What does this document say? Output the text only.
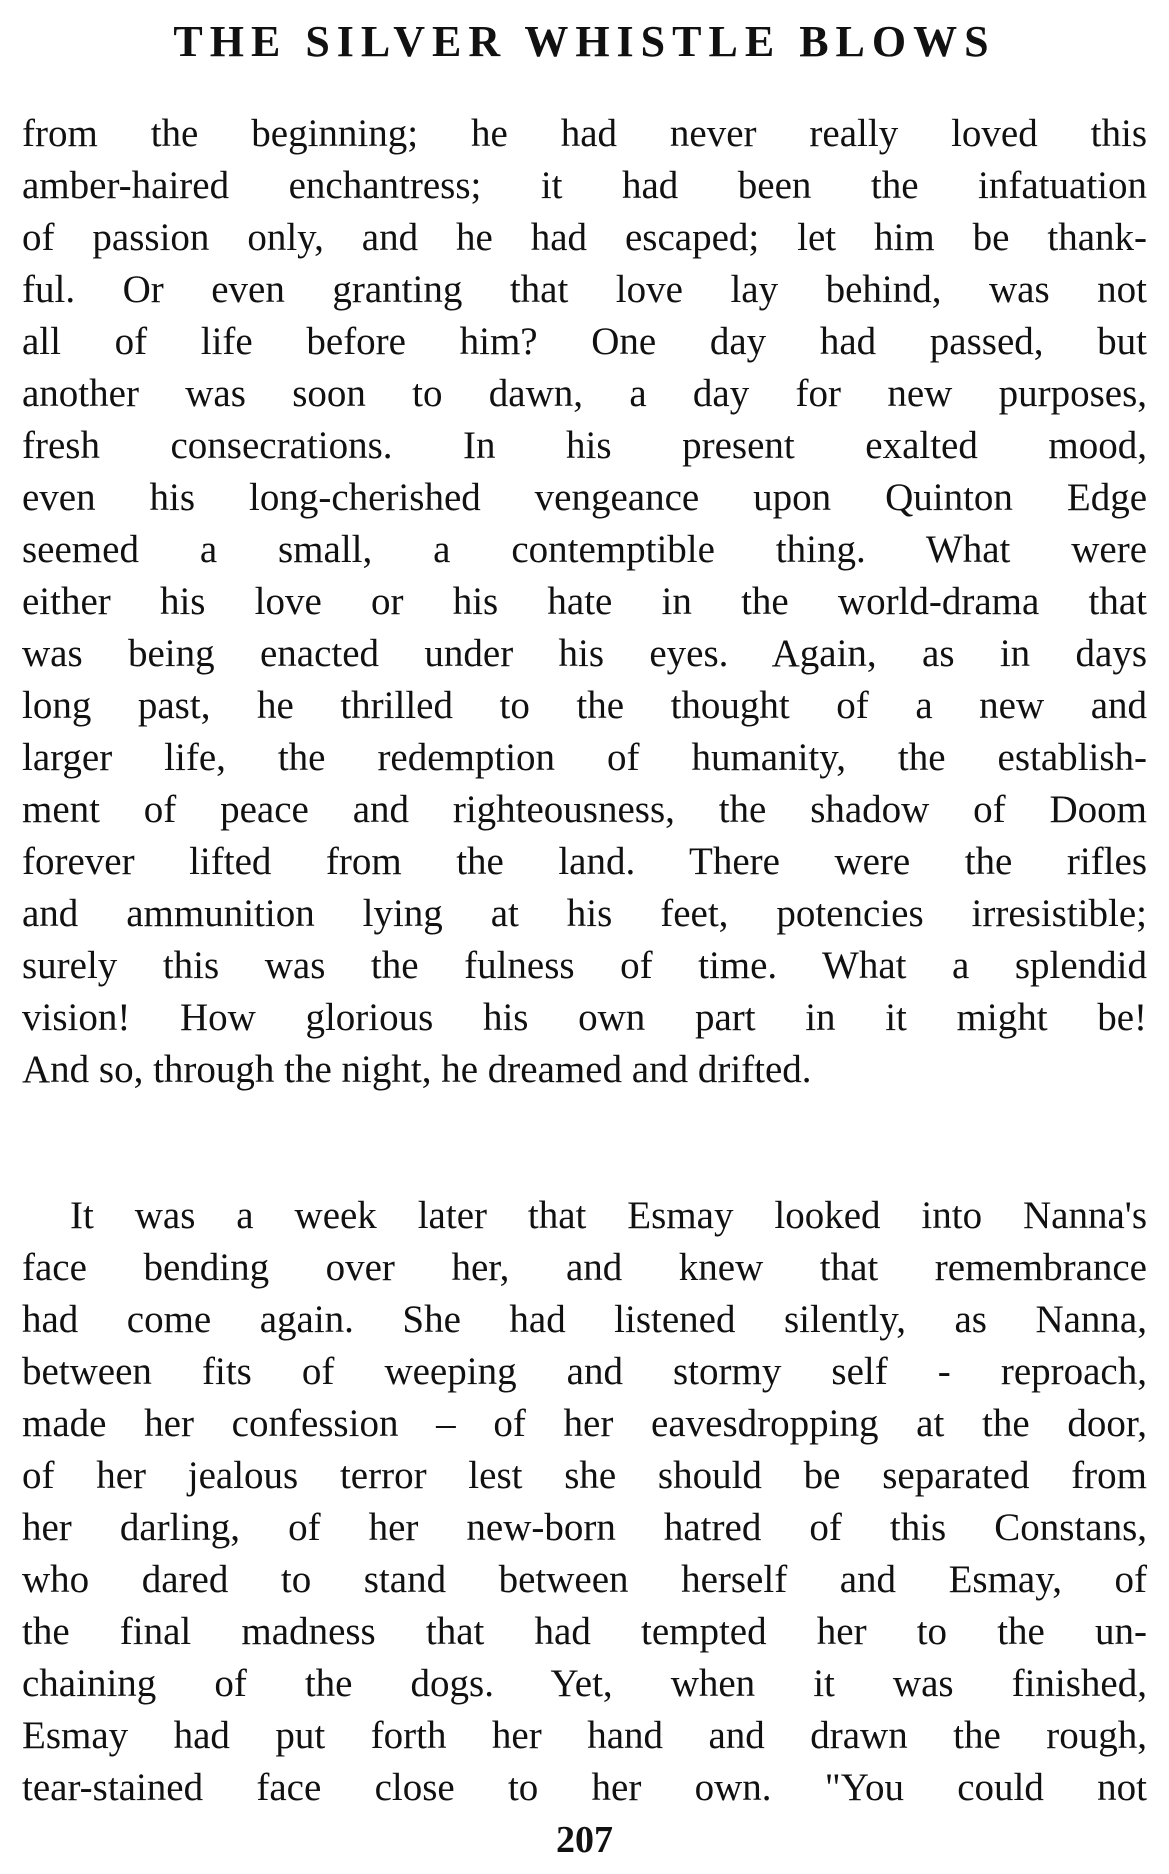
THE SILVER WHISTLE BLOWS
from the beginning; he had never really loved this
amber-haired enchantress; it had been the infatuation
of passion only, and he had escaped; let him be thank-
ful. Or even granting that love lay behind, was not
all of life before him? One day had passed, but
another was soon to dawn, a day for new purposes,
fresh consecrations. In his present exalted mood,
even his long-cherished vengeance upon Quinton Edge
seemed a small, a contemptible thing. What were
either his love or his hate in the world-drama that
was being enacted under his eyes. Again, as in days
long past, he thrilled to the thought of a new and
larger life, the redemption of humanity, the establish-
ment of peace and righteousness, the shadow of Doom
forever lifted from the land. There were the rifles
and ammunition lying at his feet, potencies irresistible;
surely this was the fulness of time. What a splendid
vision! How glorious his own part in it might be!
And so, through the night, he dreamed and drifted.
It was a week later that Esmay looked into Nanna's
face bending over her, and knew that remembrance
had come again. She had listened silently, as Nanna,
between fits of weeping and stormy self - reproach,
made her confession – of her eavesdropping at the door,
of her jealous terror lest she should be separated from
her darling, of her new-born hatred of this Constans,
who dared to stand between herself and Esmay, of
the final madness that had tempted her to the un-
chaining of the dogs. Yet, when it was finished,
Esmay had put forth her hand and drawn the rough,
tear-stained face close to her own. "You could not
207
